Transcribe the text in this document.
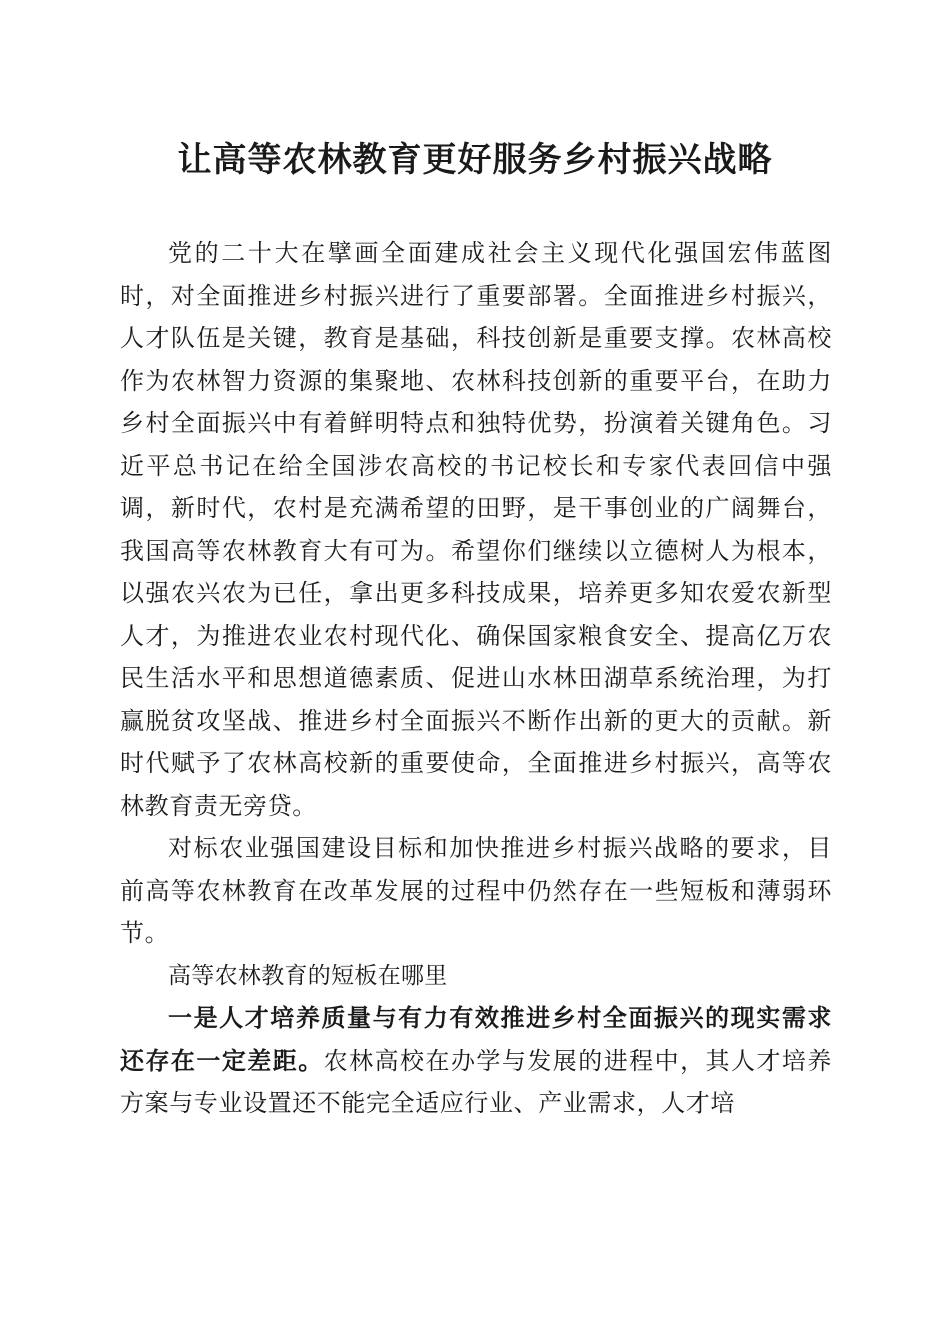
让高等农林教育更好服务乡村振兴战略

党的二十大在擘画全面建成社会主义现代化强国宏伟蓝图时，对全面推进乡村振兴进行了重要部署。全面推进乡村振兴，人才队伍是关键，教育是基础，科技创新是重要支撑。农林高校作为农林智力资源的集聚地、农林科技创新的重要平台，在助力乡村全面振兴中有着鲜明特点和独特优势，扮演着关键角色。习近平总书记在给全国涉农高校的书记校长和专家代表回信中强调，新时代，农村是充满希望的田野，是干事创业的广阔舞台，我国高等农林教育大有可为。希望你们继续以立德树人为根本，以强农兴农为已任，拿出更多科技成果，培养更多知农爱农新型人才，为推进农业农村现代化、确保国家粮食安全、提高亿万农民生活水平和思想道德素质、促进山水林田湖草系统治理，为打赢脱贫攻坚战、推进乡村全面振兴不断作出新的更大的贡献。新时代赋予了农林高校新的重要使命，全面推进乡村振兴，高等农林教育责无旁贷。

对标农业强国建设目标和加快推进乡村振兴战略的要求，目前高等农林教育在改革发展的过程中仍然存在一些短板和薄弱环节。

高等农林教育的短板在哪里

一是人才培养质量与有力有效推进乡村全面振兴的现实需求还存在一定差距。农林高校在办学与发展的进程中，其人才培养方案与专业设置还不能完全适应行业、产业需求，人才培
